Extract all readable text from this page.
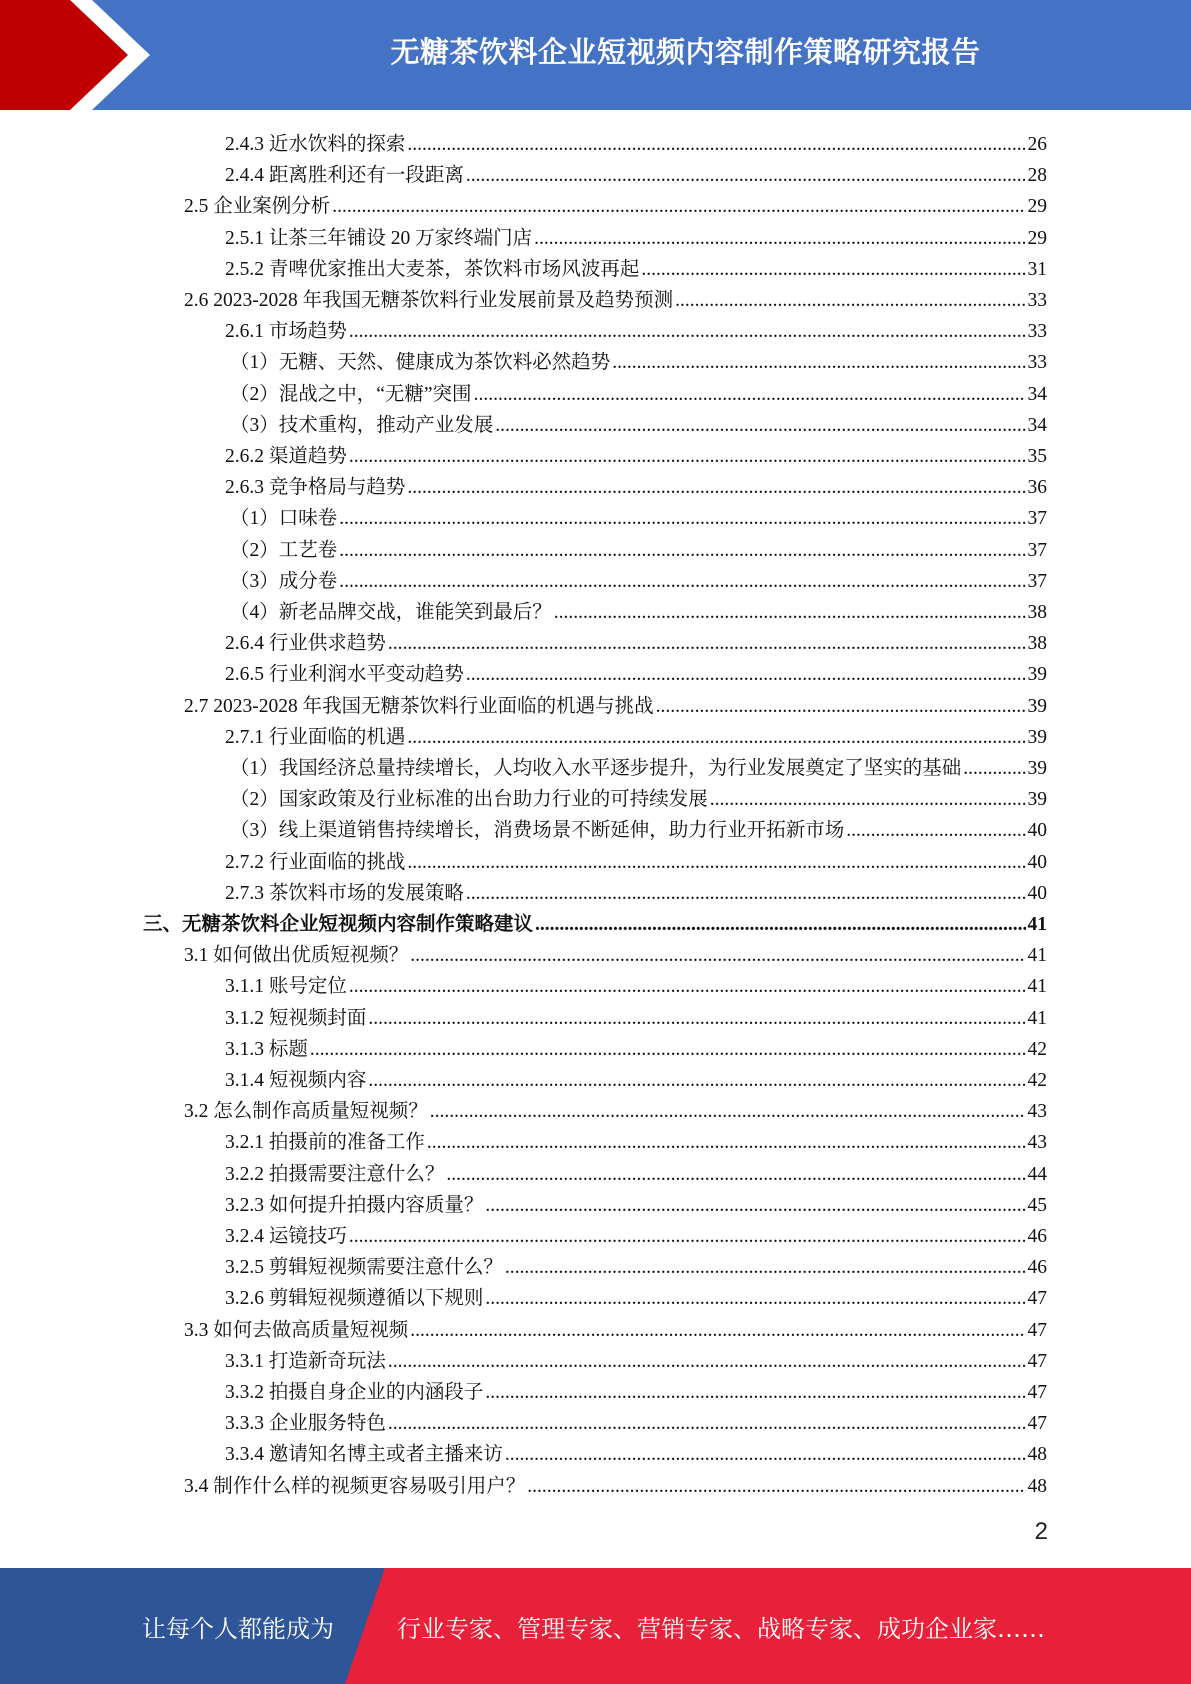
无糖茶饮料企业短视频内容制作策略研究报告
2.4.3 近水饮料的探索 .....	26
2.4.4 距离胜利还有一段距离 .....	28
2.5 企业案例分析 .....	29
2.5.1 让茶三年铺设 20 万家终端门店 .....	29
2.5.2 青啤优家推出大麦茶，茶饮料市场风波再起 .....	31
2.6 2023-2028 年我国无糖茶饮料行业发展前景及趋势预测 .....	33
2.6.1 市场趋势 .....	33
（1）无糖、天然、健康成为茶饮料必然趋势 .....	33
（2）混战之中，“无糖”突围 .....	34
（3）技术重构，推动产业发展 .....	34
2.6.2 渠道趋势 .....	35
2.6.3 竞争格局与趋势 .....	36
（1）口味卷 .....	37
（2）工艺卷 .....	37
（3）成分卷 .....	37
（4）新老品牌交战，谁能笑到最后？ .....	38
2.6.4 行业供求趋势 .....	38
2.6.5 行业利润水平变动趋势 .....	39
2.7 2023-2028 年我国无糖茶饮料行业面临的机遇与挑战 .....	39
2.7.1 行业面临的机遇 .....	39
（1）我国经济总量持续增长，人均收入水平逐步提升，为行业发展奠定了坚实的基础 .....	39
（2）国家政策及行业标准的出台助力行业的可持续发展 .....	39
（3）线上渠道销售持续增长，消费场景不断延伸，助力行业开拓新市场 .....	40
2.7.2 行业面临的挑战 .....	40
2.7.3 茶饮料市场的发展策略 .....	40
三、无糖茶饮料企业短视频内容制作策略建议 .....	41
3.1 如何做出优质短视频？ .....	41
3.1.1 账号定位 .....	41
3.1.2 短视频封面 .....	41
3.1.3 标题 .....	42
3.1.4 短视频内容 .....	42
3.2 怎么制作高质量短视频？ .....	43
3.2.1 拍摄前的准备工作 .....	43
3.2.2 拍摄需要注意什么？ .....	44
3.2.3 如何提升拍摄内容质量？ .....	45
3.2.4 运镜技巧 .....	46
3.2.5 剪辑短视频需要注意什么？ .....	46
3.2.6 剪辑短视频遵循以下规则 .....	47
3.3 如何去做高质量短视频 .....	47
3.3.1 打造新奇玩法 .....	47
3.3.2 拍摄自身企业的内涵段子 .....	47
3.3.3 企业服务特色 .....	47
3.3.4 邀请知名博主或者主播来访 .....	48
3.4 制作什么样的视频更容易吸引用户？ .....	48
2
让每个人都能成为	行业专家、管理专家、营销专家、战略专家、成功企业家……
